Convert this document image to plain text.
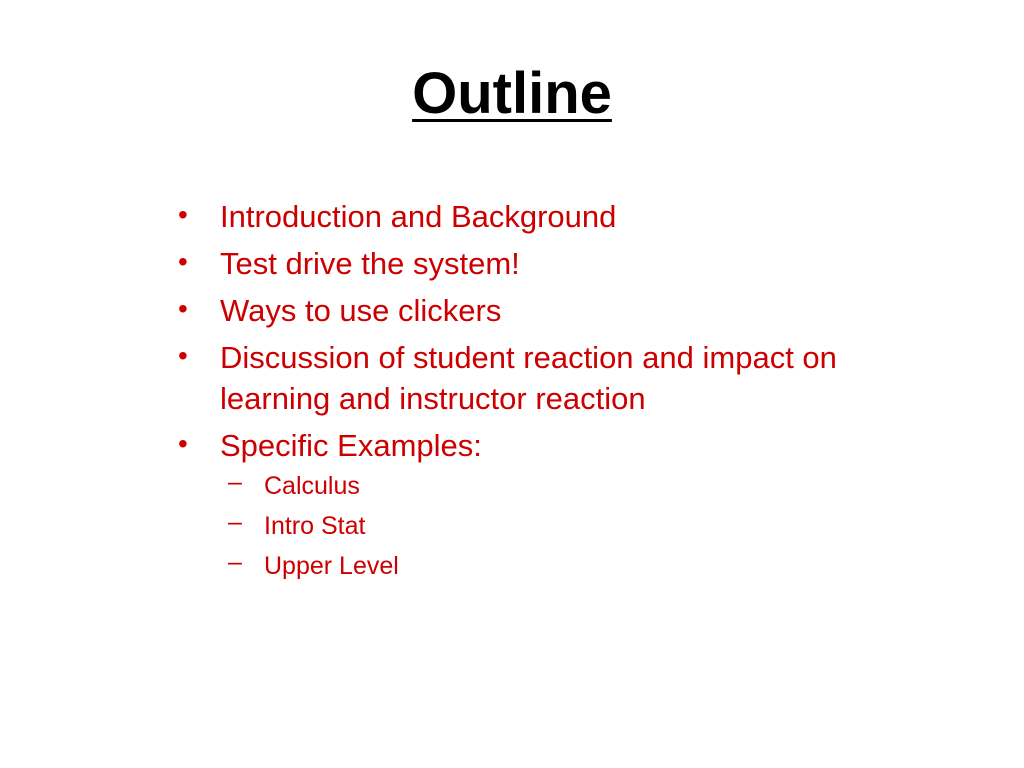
Outline
• Introduction and Background
• Test drive the system!
• Ways to use clickers
• Discussion of student reaction and impact on learning and instructor reaction
• Specific Examples:
– Calculus
– Intro Stat
– Upper Level
